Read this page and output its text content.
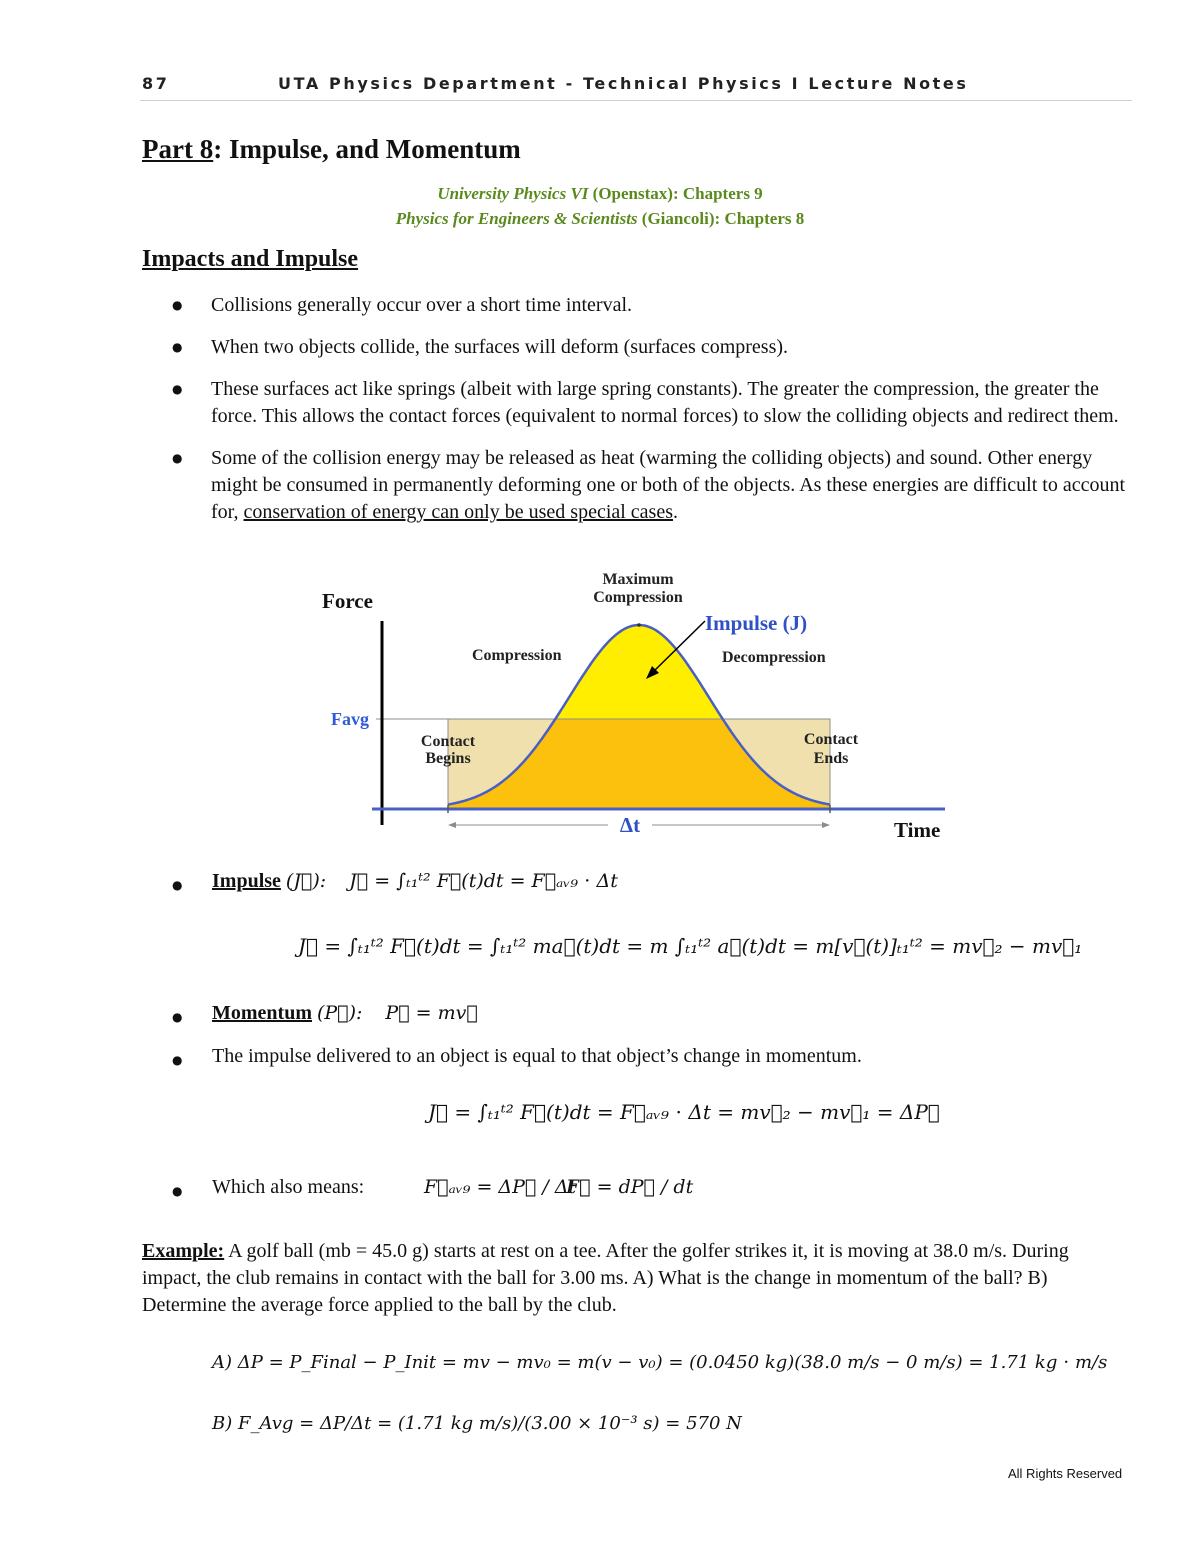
87	UTA Physics Department - Technical Physics I Lecture Notes
Part 8: Impulse, and Momentum
University Physics VI (Openstax): Chapters 9
Physics for Engineers & Scientists (Giancoli): Chapters 8
Impacts and Impulse
● Collisions generally occur over a short time interval.
● When two objects collide, the surfaces will deform (surfaces compress).
● These surfaces act like springs (albeit with large spring constants). The greater the compression, the greater the force. This allows the contact forces (equivalent to normal forces) to slow the colliding objects and redirect them.
● Some of the collision energy may be released as heat (warming the colliding objects) and sound. Other energy might be consumed in permanently deforming one or both of the objects. As these energies are difficult to account for, conservation of energy can only be used special cases.
Force
Time
Maximum
Compression
Impulse (J)
Compression	Decompression
Favg
Contact
Begins
Contact
Ends
Δt
● Impulse (J⃗): J⃗ = ∫ₜ₁ᵗ² F⃗(t)dt = F⃗ₐᵥ₉ ⋅ Δt
J⃗ = ∫ₜ₁ᵗ² F⃗(t)dt = ∫ₜ₁ᵗ² ma⃗(t)dt = m ∫ₜ₁ᵗ² a⃗(t)dt = m[v⃗(t)]ₜ₁ᵗ² = mv⃗₂ − mv⃗₁
● Momentum (P⃗): P⃗ = mv⃗
● The impulse delivered to an object is equal to that object’s change in momentum.
J⃗ = ∫ₜ₁ᵗ² F⃗(t)dt = F⃗ₐᵥ₉ ⋅ Δt = mv⃗₂ − mv⃗₁ = ΔP⃗
● Which also means:	F⃗ₐᵥ₉ = ΔP⃗ / Δt
F⃗ = dP⃗ / dt
Example: A golf ball (mb = 45.0 g) starts at rest on a tee. After the golfer strikes it, it is moving at 38.0 m/s. During impact, the club remains in contact with the ball for 3.00 ms. A) What is the change in momentum of the ball? B) Determine the average force applied to the ball by the club.
A) ΔP = P_Final − P_Init = mv − mv₀ = m(v − v₀) = (0.0450 kg)(38.0 m/s − 0 m/s) = 1.71 kg ⋅ m/s
B) F_Avg = ΔP/Δt = (1.71 kg m/s)/(3.00 × 10⁻³ s) = 570 N
All Rights Reserved
